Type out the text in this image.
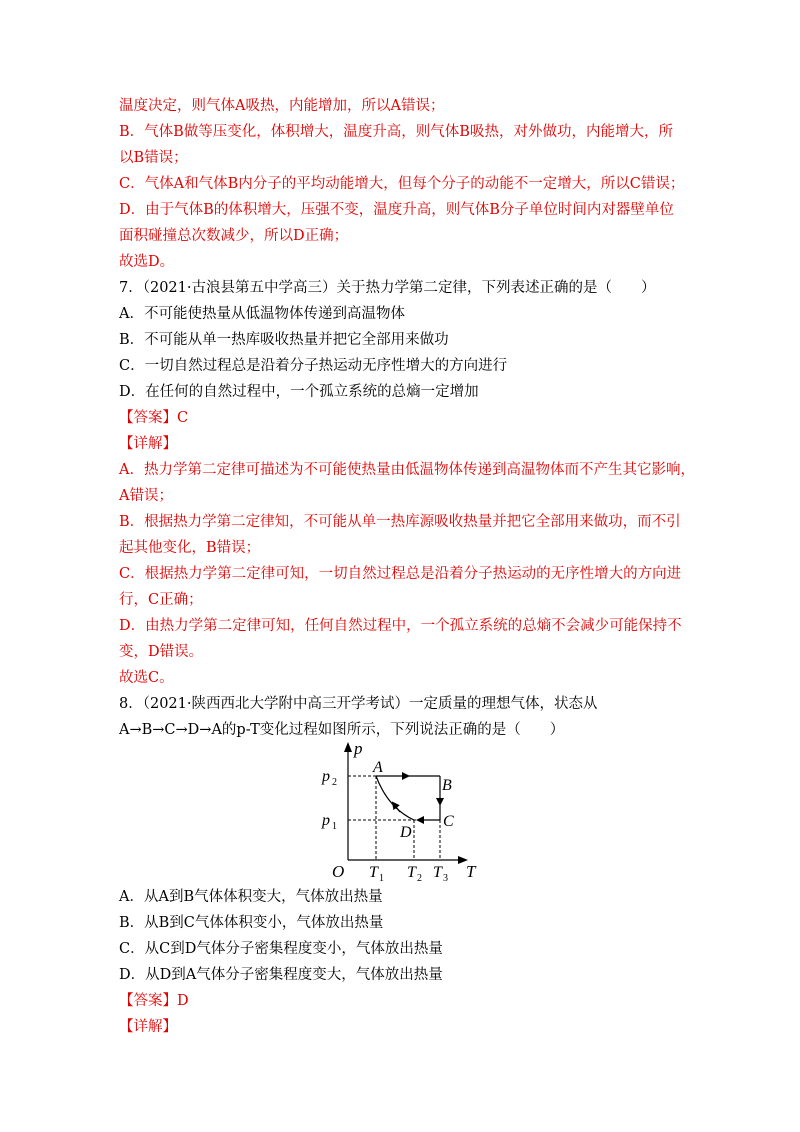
温度决定，则气体A吸热，内能增加，所以A错误；
B．气体B做等压变化，体积增大，温度升高，则气体B吸热，对外做功，内能增大，所
以B错误；
C．气体A和气体B内分子的平均动能增大，但每个分子的动能不一定增大，所以C错误；
D．由于气体B的体积增大，压强不变，温度升高，则气体B分子单位时间内对器壁单位
面积碰撞总次数减少，所以D正确；
故选D。
7．（2021·古浪县第五中学高三）关于热力学第二定律，下列表述正确的是（　　）
A．不可能使热量从低温物体传递到高温物体
B．不可能从单一热库吸收热量并把它全部用来做功
C．一切自然过程总是沿着分子热运动无序性增大的方向进行
D．在任何的自然过程中，一个孤立系统的总熵一定增加
【答案】C
【详解】
A．热力学第二定律可描述为不可能使热量由低温物体传递到高温物体而不产生其它影响，
A错误；
B．根据热力学第二定律知，不可能从单一热库源吸收热量并把它全部用来做功，而不引
起其他变化，B错误；
C．根据热力学第二定律可知，一切自然过程总是沿着分子热运动的无序性增大的方向进
行，C正确；
D．由热力学第二定律可知，任何自然过程中，一个孤立系统的总熵不会减少可能保持不
变，D错误。
故选C。
8．（2021·陕西西北大学附中高三开学考试）一定质量的理想气体，状态从
A→B→C→D→A的p-T变化过程如图所示，下列说法正确的是（　　）
p
T
O
p 2
p 1
T 1 T 2 T 3
A
B
C
D
A．从A到B气体体积变大，气体放出热量
B．从B到C气体体积变小，气体放出热量
C．从C到D气体分子密集程度变小，气体放出热量
D．从D到A气体分子密集程度变大，气体放出热量
【答案】D
【详解】
